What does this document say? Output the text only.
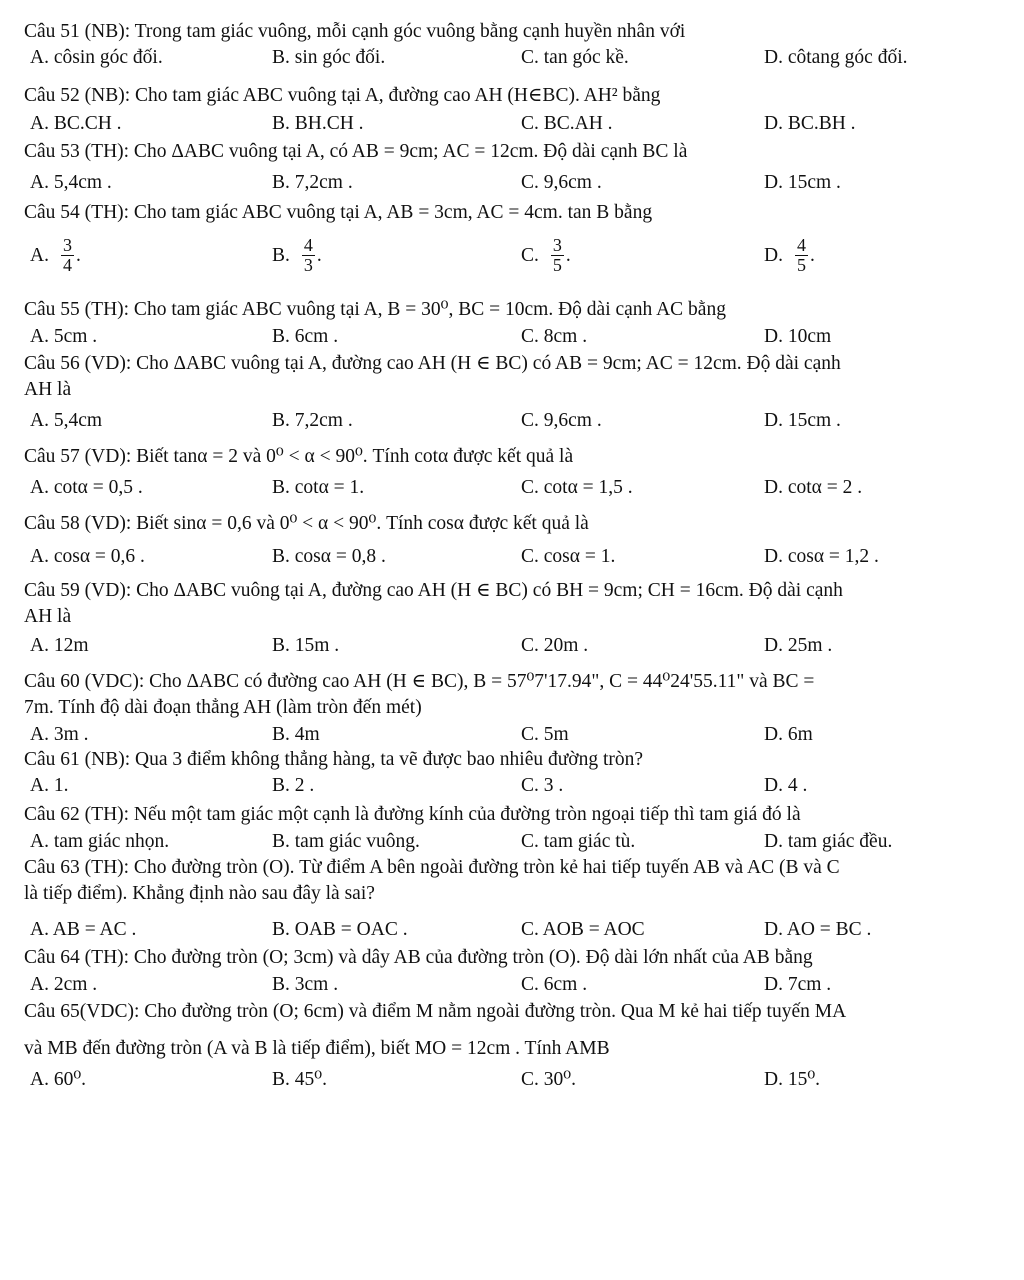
Câu 51 (NB): Trong tam giác vuông, mỗi cạnh góc vuông bằng cạnh huyền nhân với
A. côsin góc đối.	B. sin góc đối.	C. tan góc kề.	D. côtang góc đối.
Câu 52 (NB): Cho tam giác ABC vuông tại A, đường cao AH (H∈BC). AH² bằng
A. BC.CH .	B. BH.CH .	C. BC.AH .	D. BC.BH .
Câu 53 (TH): Cho ΔABC vuông tại A, có AB = 9cm; AC = 12cm. Độ dài cạnh BC là
A. 5,4cm .	B. 7,2cm .	C. 9,6cm .	D. 15cm .
Câu 54 (TH): Cho tam giác ABC vuông tại A, AB = 3cm, AC = 4cm. tan B bằng
A. $\frac{3}{4}$ .	B. $\frac{4}{3}$ .	C. $\frac{3}{5}$ .	D. $\frac{4}{5}$ .
Câu 55 (TH): Cho tam giác ABC vuông tại A, B = 30⁰, BC = 10cm. Độ dài cạnh AC bằng
A. 5cm .	B. 6cm .	C. 8cm .	D. 10cm
Câu 56 (VD): Cho ΔABC vuông tại A, đường cao AH (H ∈ BC) có AB = 9cm; AC = 12cm. Độ dài cạnh
AH là
A. 5,4cm	B. 7,2cm .	C. 9,6cm .	D. 15cm .
Câu 57 (VD): Biết tanα = 2 và 0⁰ < α < 90⁰. Tính cotα được kết quả là
A. cotα = 0,5 .	B. cotα = 1.	C. cotα = 1,5 .	D. cotα = 2 .
Câu 58 (VD): Biết sinα = 0,6 và 0⁰ < α < 90⁰. Tính cosα được kết quả là
A. cosα = 0,6 .	B. cosα = 0,8 .	C. cosα = 1.	D. cosα = 1,2 .
Câu 59 (VD): Cho ΔABC vuông tại A, đường cao AH (H ∈ BC) có BH = 9cm; CH = 16cm. Độ dài cạnh
AH là
A. 12m	B. 15m .	C. 20m .	D. 25m .
Câu 60 (VDC): Cho ΔABC có đường cao AH (H ∈ BC), B = 57⁰7'17.94", C = 44⁰24'55.11" và BC =
7m. Tính độ dài đoạn thẳng AH (làm tròn đến mét)
A. 3m .	B. 4m	C. 5m	D. 6m
Câu 61 (NB): Qua 3 điểm không thẳng hàng, ta vẽ được bao nhiêu đường tròn?
A. 1.	B. 2 .	C. 3 .	D. 4 .
Câu 62 (TH): Nếu một tam giác một cạnh là đường kính của đường tròn ngoại tiếp thì tam giá đó là
A. tam giác nhọn.	B. tam giác vuông.	C. tam giác tù.	D. tam giác đều.
Câu 63 (TH): Cho đường tròn (O). Từ điểm A bên ngoài đường tròn kẻ hai tiếp tuyến AB và AC (B và C
là tiếp điểm). Khẳng định nào sau đây là sai?
A. AB = AC .	B. OAB = OAC .	C. AOB = AOC	D. AO = BC .
Câu 64 (TH): Cho đường tròn (O; 3cm) và dây AB của đường tròn (O). Độ dài lớn nhất của AB bằng
A. 2cm .	B. 3cm .	C. 6cm .	D. 7cm .
Câu 65(VDC): Cho đường tròn (O; 6cm) và điểm M nằm ngoài đường tròn. Qua M kẻ hai tiếp tuyến MA
và MB đến đường tròn (A và B là tiếp điểm), biết MO = 12cm . Tính AMB
A. 60⁰.	B. 45⁰.	C. 30⁰.	D. 15⁰.
